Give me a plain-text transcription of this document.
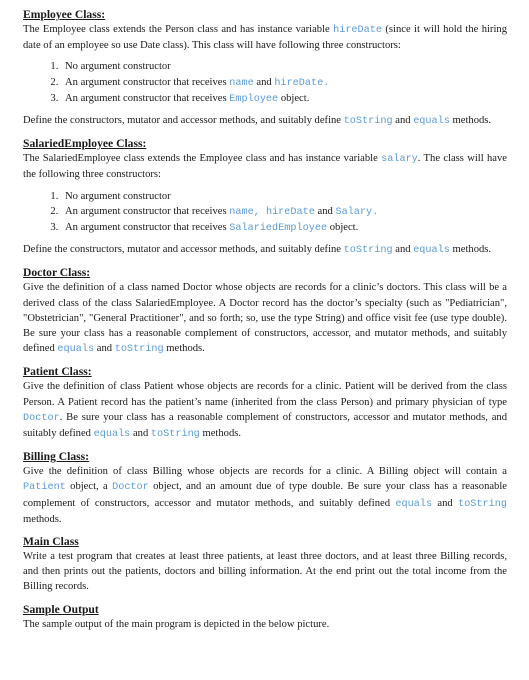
Employee Class:

The Employee class extends the Person class and has instance variable hireDate (since it will hold the hiring date of an employee so use Date class). This class will have following three constructors:

1. No argument constructor
2. An argument constructor that receives name and hireDate.
3. An argument constructor that receives Employee object.

Define the constructors, mutator and accessor methods, and suitably define toString and equals methods.

SalariedEmployee Class:

The SalariedEmployee class extends the Employee class and has instance variable salary. The class will have the following three constructors:

1. No argument constructor
2. An argument constructor that receives name, hireDate and Salary.
3. An argument constructor that receives SalariedEmployee object.

Define the constructors, mutator and accessor methods, and suitably define toString and equals methods.

Doctor Class:

Give the definition of a class named Doctor whose objects are records for a clinic’s doctors. This class will be a derived class of the class SalariedEmployee. A Doctor record has the doctor’s specialty (such as "Pediatrician", "Obstetrician", "General Practitioner", and so forth; so, use the type String) and office visit fee (use type double). Be sure your class has a reasonable complement of constructors, accessor, and mutator methods, and suitably defined equals and toString methods.

Patient Class:

Give the definition of class Patient whose objects are records for a clinic. Patient will be derived from the class Person. A Patient record has the patient’s name (inherited from the class Person) and primary physician of type Doctor. Be sure your class has a reasonable complement of constructors, accessor and mutator methods, and suitably defined equals and toString methods.

Billing Class:

Give the definition of class Billing whose objects are records for a clinic. A Billing object will contain a Patient object, a Doctor object, and an amount due of type double. Be sure your class has a reasonable complement of constructors, accessor and mutator methods, and suitably defined equals and toString methods.

Main Class

Write a test program that creates at least three patients, at least three doctors, and at least three Billing records, and then prints out the patients, doctors and billing information. At the end print out the total income from the Billing records.

Sample Output

The sample output of the main program is depicted in the below picture.
